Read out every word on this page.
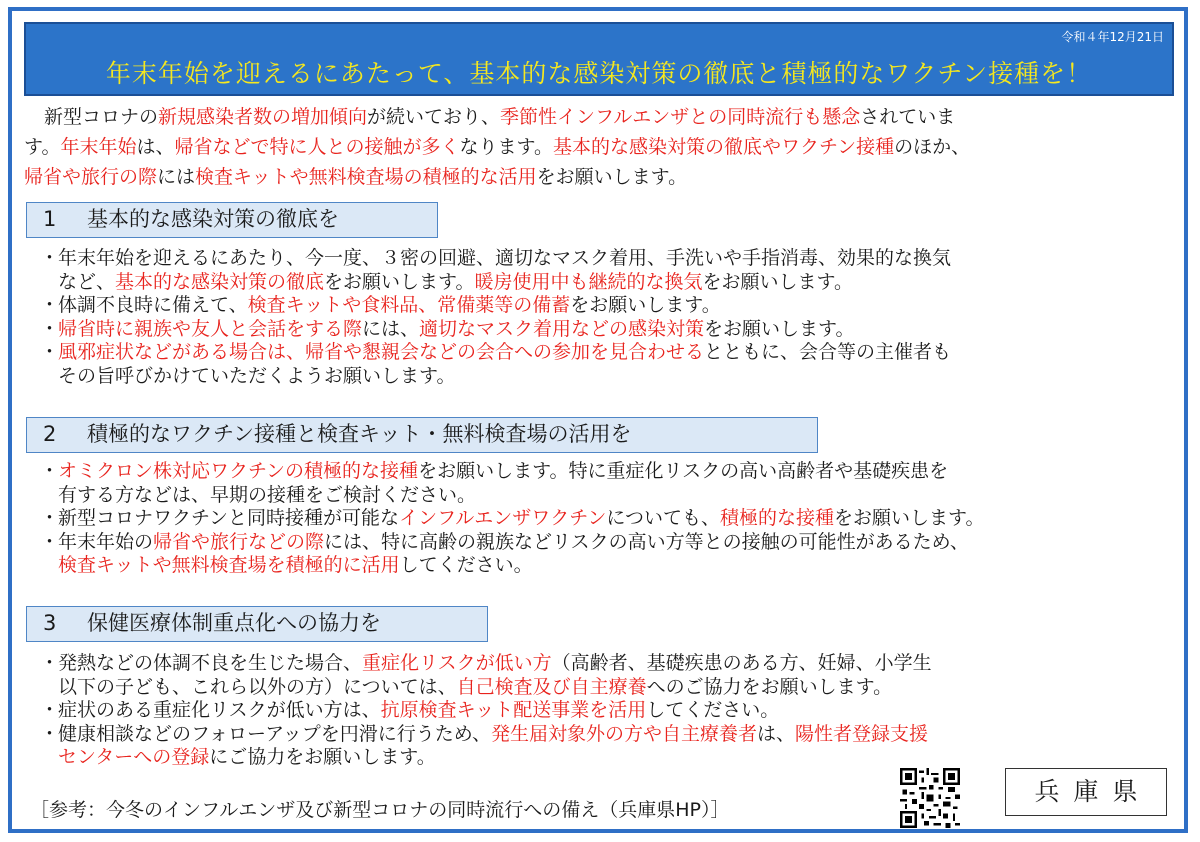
令和４年12月21日
年末年始を迎えるにあたって、基本的な感染対策の徹底と積極的なワクチン接種を！

新型コロナの新規感染者数の増加傾向が続いており、季節性インフルエンザとの同時流行も懸念されていま

す。年末年始は、帰省などで特に人との接触が多くなります。基本的な感染対策の徹底やワクチン接種のほか、

帰省や旅行の際には検査キットや無料検査場の積極的な活用をお願いします。

1 基本的な感染対策の徹底を
・
年末年始を迎えるにあたり、今一度、３密の回避、適切なマスク着用、手洗いや手指消毒、効果的な換気
など、基本的な感染対策の徹底をお願いします。暖房使用中も継続的な換気をお願いします。
・
体調不良時に備えて、検査キットや食料品、常備薬等の備蓄をお願いします。
・
帰省時に親族や友人と会話をする際には、適切なマスク着用などの感染対策をお願いします。
・
風邪症状などがある場合は、帰省や懇親会などの会合への参加を見合わせるとともに、会合等の主催者も
その旨呼びかけていただくようお願いします。
2 積極的なワクチン接種と検査キット・無料検査場の活用を
・
オミクロン株対応ワクチンの積極的な接種をお願いします。特に重症化リスクの高い高齢者や基礎疾患を
有する方などは、早期の接種をご検討ください。
・
新型コロナワクチンと同時接種が可能なインフルエンザワクチンについても、積極的な接種をお願いします。
・
年末年始の帰省や旅行などの際には、特に高齢の親族などリスクの高い方等との接触の可能性があるため、
検査キットや無料検査場を積極的に活用してください。
3 保健医療体制重点化への協力を
・
発熱などの体調不良を生じた場合、重症化リスクが低い方（高齢者、基礎疾患のある方、妊婦、小学生
以下の子ども、これら以外の方）については、自己検査及び自主療養へのご協力をお願いします。
・
症状のある重症化リスクが低い方は、抗原検査キット配送事業を活用してください。
・
健康相談などのフォローアップを円滑に行うため、発生届対象外の方や自主療養者は、陽性者登録支援
センターへの登録にご協力をお願いします。
［参考：今冬のインフルエンザ及び新型コロナの同時流行への備え（兵庫県HP）］
兵庫県
